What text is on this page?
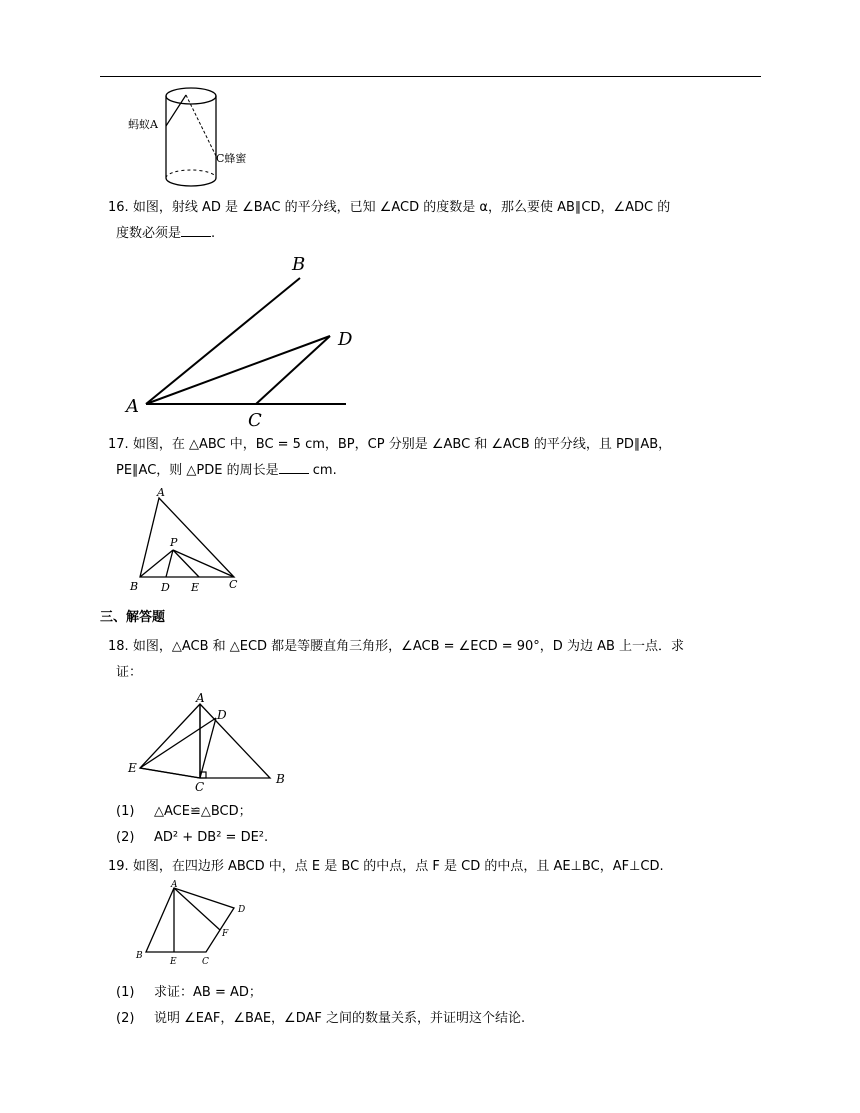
蚂蚁A
C蜂蜜
16. 如图，射线 AD 是 ∠BAC 的平分线，已知 ∠ACD 的度数是 α，那么要使 AB∥CD，∠ADC 的
度数必须是 .
B
D
A
C
17. 如图，在 △ABC 中，BC = 5 cm，BP，CP 分别是 ∠ABC 和 ∠ACB 的平分线，且 PD∥AB，
PE∥AC，则 △PDE 的周长是 cm.
A
P
B D E	C
三、解答题
18. 如图，△ACB 和 △ECD 都是等腰直角三角形，∠ACB = ∠ECD = 90°，D 为边 AB 上一点．求
证：
A
D
E
C
B
(1) △ACE≌△BCD；
(2) AD² + DB² = DE².
19. 如图，在四边形 ABCD 中，点 E 是 BC 的中点，点 F 是 CD 的中点，且 AE⊥BC，AF⊥CD.
A
D
F
B
E	C
(1) 求证：AB = AD；
(2) 说明 ∠EAF，∠BAE，∠DAF 之间的数量关系，并证明这个结论.
